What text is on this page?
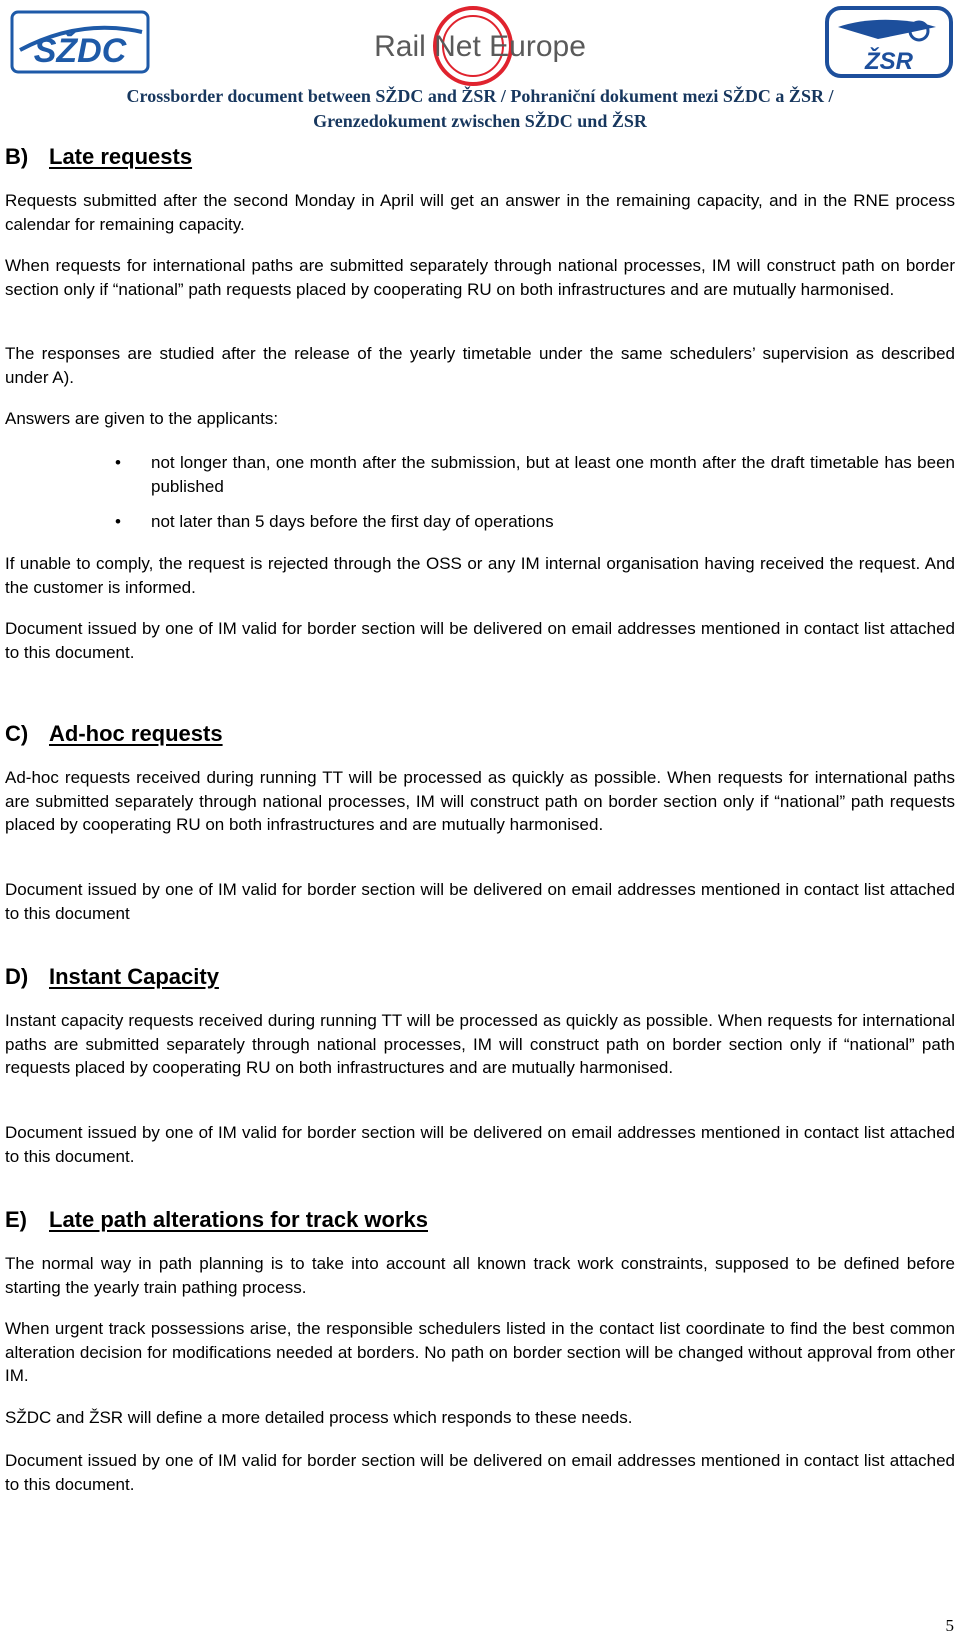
SŽDC	Rail Net Europe	ŽSR
Crossborder document between SŽDC and ŽSR / Pohraniční dokument mezi SŽDC a ŽSR /
Grenzedokument zwischen SŽDC und ŽSR
B) Late requests

Requests submitted after the second Monday in April will get an answer in the remaining capacity, and in the RNE process calendar for remaining capacity.

When requests for international paths are submitted separately through national processes, IM will construct path on border section only if “national” path requests placed by cooperating RU on both infrastructures and are mutually harmonised.

The responses are studied after the release of the yearly timetable under the same schedulers’ supervision as described under A).

Answers are given to the applicants:

• not longer than, one month after the submission, but at least one month after the draft timetable has been published

• not later than 5 days before the first day of operations

If unable to comply, the request is rejected through the OSS or any IM internal organisation having received the request. And the customer is informed.

Document issued by one of IM valid for border section will be delivered on email addresses mentioned in contact list attached to this document.

C) Ad-hoc requests

Ad-hoc requests received during running TT will be processed as quickly as possible. When requests for international paths are submitted separately through national processes, IM will construct path on border section only if “national” path requests placed by cooperating RU on both infrastructures and are mutually harmonised.

Document issued by one of IM valid for border section will be delivered on email addresses mentioned in contact list attached to this document

D) Instant Capacity

Instant capacity requests received during running TT will be processed as quickly as possible. When requests for international paths are submitted separately through national processes, IM will construct path on border section only if “national” path requests placed by cooperating RU on both infrastructures and are mutually harmonised.

Document issued by one of IM valid for border section will be delivered on email addresses mentioned in contact list attached to this document.

E) Late path alterations for track works

The normal way in path planning is to take into account all known track work constraints, supposed to be defined before starting the yearly train pathing process.

When urgent track possessions arise, the responsible schedulers listed in the contact list coordinate to find the best common alteration decision for modifications needed at borders. No path on border section will be changed without approval from other IM.

SŽDC and ŽSR will define a more detailed process which responds to these needs.

Document issued by one of IM valid for border section will be delivered on email addresses mentioned in contact list attached to this document.

5
